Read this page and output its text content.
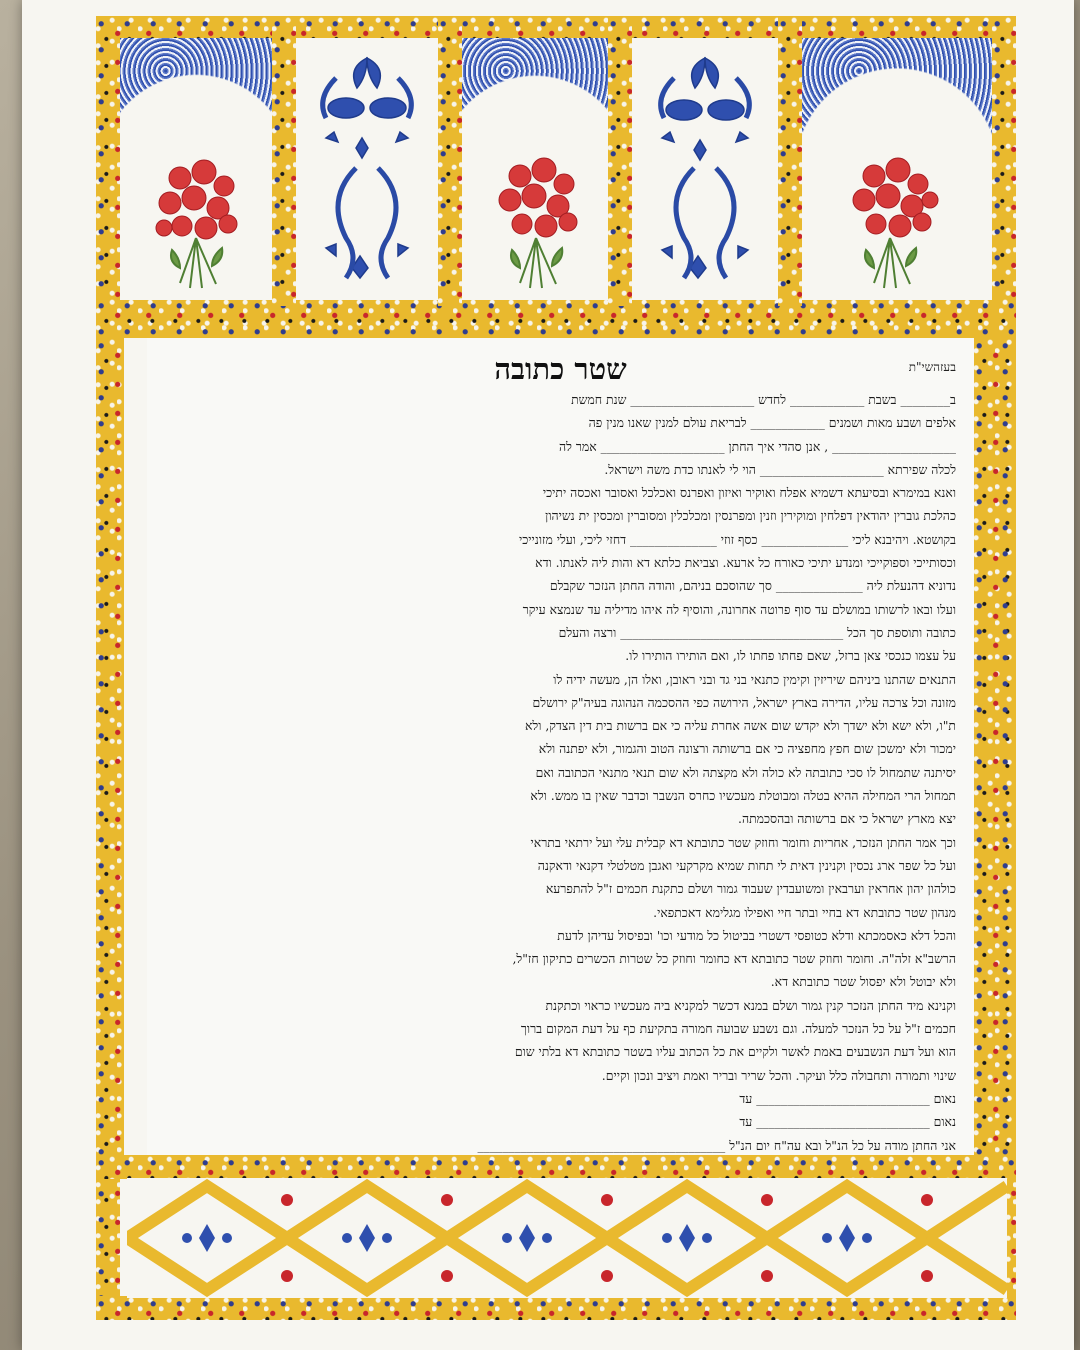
בעזהשי"ת
שטר כתובה

ב________ בשבת ____________ לחדש ____________________ שנת חמשת

אלפים ושבע מאות ושמנים ____________ לבריאת עולם למנין שאנו מנין פה

____________________ , אנן סהדי איך החתן ____________________ אמר לה

לכלה שפירתא ____________________ הוי לי לאנתו כדת משה וישראל.

ואנא במימרא ובסיעתא דשמיא אפלח ואוקיר ואיזון ואפרנס ואכלכל ואסובר ואכסה יתיכי

כהלכת גוברין יהודאין דפלחין ומוקירין וזנין ומפרנסין ומכלכלין ומסוברין ומכסין ית נשיהון

בקושטא. ויהיבנא ליכי ______________ כסף זוזי ______________ דחזי ליכי, ועלי מזונייכי

וכסותייכי וספוקייכי ומנדע יתיכי כאורח כל ארעא. וצביאת כלתא דא והות ליה לאנתו. ודא

נדוניא דהנעלת ליה ______________ סך שהוסכם בניהם, והודה החתן הנזכר שקבלם

ועלו ובאו לרשותו במושלם עד סוף פרוטה אחרונה, והוסיף לה איהו מדיליה עד שנמצא עיקר

כתובה ותוספת סך הכל ____________________________________ ורצה והעלם

על עצמו כנכסי צאן ברזל, שאם פחתו פחתו לו, ואם הותירו הותירו לו.

התנאים שהתנו ביניהם שיריזין וקימין כתנאי בני גד ובני ראובן, ואלו הן, מעשה ידיה לו

מזונה וכל צרכה עליו, הדירה בארץ ישראל, הירושה כפי ההסכמה הנהוגה בעיה"ק ירושלם

ת"ו, ולא ישא ולא ישדך ולא יקדש שום אשה אחרת עליה כי אם ברשות בית דין הצדק, ולא

ימכור ולא ימשכן שום חפץ מחפציה כי אם ברשותה ורצונה הטוב והגמור, ולא יפתנה ולא

יסיתנה שתמחול לו סכי כתובתה לא כולה ולא מקצתה ולא שום תנאי מתנאי הכתובה ואם

תמחול הרי המחילה ההיא בטלה ומבוטלת מעכשיו כחרס הנשבר וכדבר שאין בו ממש. ולא

יצא מארץ ישראל כי אם ברשותה ובהסכמתה.

וכך אמר החתן הנזכר, אחריות וחומר וחוזק שטר כתובתא דא קבלית עלי ועל ירתאי בתראי

ועל כל שפר ארג נכסין וקנינין דאית לי תחות שמיא מקרקעי ואגבן מטלטלי דקנאי ודאקנה

כולהון יהון אחראין וערבאין ומשועבדין שעבוד גמור ושלם כתקנת חכמים ז"ל להתפרעא

מנהון שטר כתובתא דא בחיי ובתר חיי ואפילו מגלימא דאכתפאי.

והכל דלא כאסמכתא ודלא כטופסי דשטרי בביטול כל מודעי וכו' ובפיסול עדיהן לדעת

הרשב"א זלה"ה. וחומר וחוזק שטר כתובתא דא כחומר וחוזק כל שטרות הכשרים כתיקון חז"ל,

ולא יבוטל ולא יפסול שטר כתובתא דא.

וקנינא מיד החתן הנזכר קנין גמור ושלם במנא דכשר למקניא ביה מעכשיו כראוי וכתקנת

חכמים ז"ל על כל הנזכר למעלה. וגם נשבע שבועה חמורה בתקיעת כף על דעת המקום ברוך

הוא ועל דעת הנשבעים באמת לאשר ולקיים את כל הכתוב עליו בשטר כתובתא דא בלתי שום

שינוי ותמורה ותחבולה כלל ועיקר. והכל שריר ובריר ואמת ויציב ונכון וקיים.

נאום ____________________________ עד

נאום ____________________________ עד

אני החתן מודה על כל הנ"ל ובא עה"ח יום הנ"ל ________________________________________
